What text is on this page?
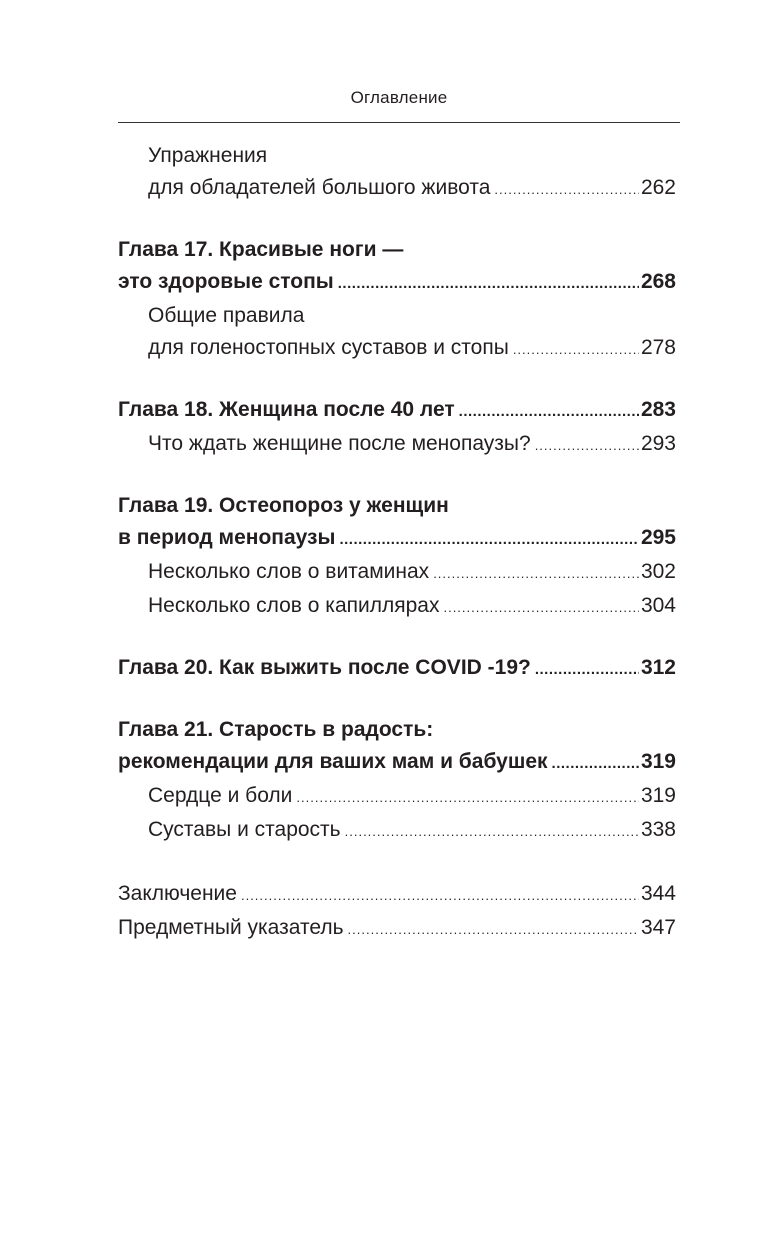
Оглавление
Упражнения
для обладателей большого живота .....	262
Глава 17. Красивые ноги —
это здоровые стопы .....	268
Общие правила
для голеностопных суставов и стопы .....	278
Глава 18. Женщина после 40 лет .....	283
Что ждать женщине после менопаузы? .....	293
Глава 19. Остеопороз у женщин
в период менопаузы .....	295
Несколько слов о витаминах .....	302
Несколько слов о капиллярах .....	304
Глава 20. Как выжить после COVID -19? .....	312
Глава 21. Старость в радость:
рекомендации для ваших мам и бабушек .....	319
Сердце и боли .....	319
Суставы и старость .....	338
Заключение .....	344
Предметный указатель .....	347
